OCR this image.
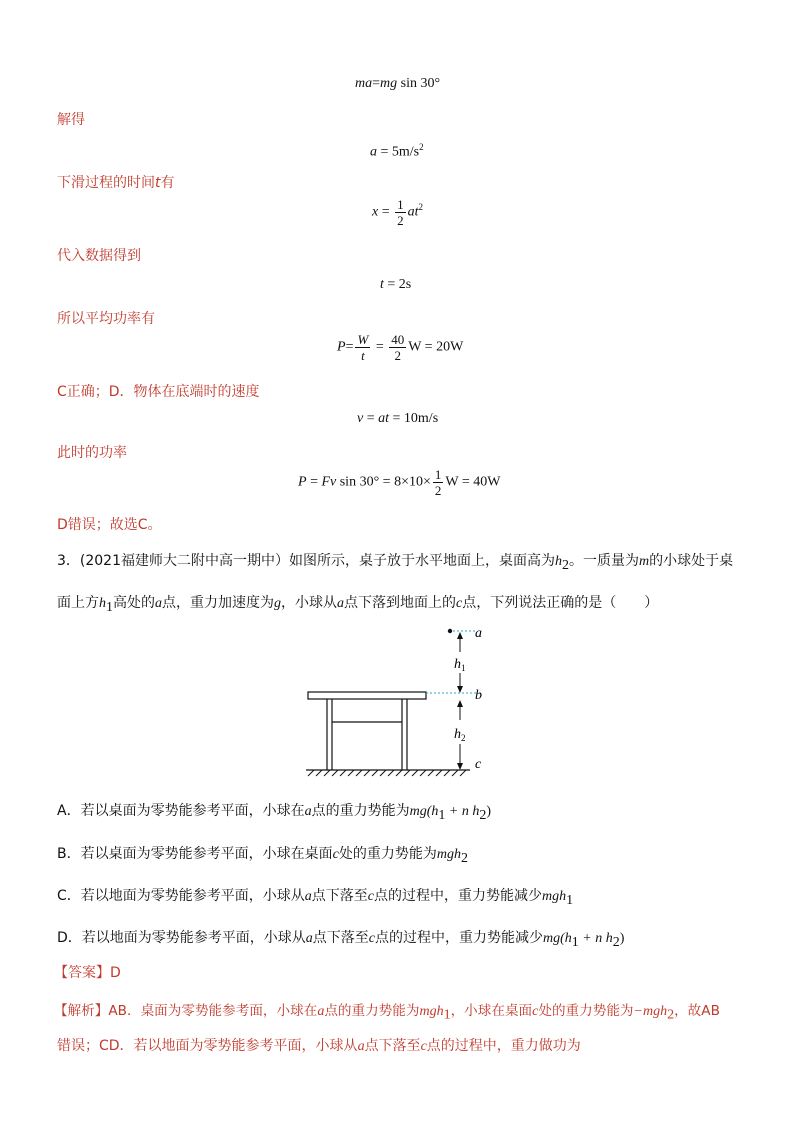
ma=mg sin 30°
解得
$a = 5m/s^2$
下滑过程的时间t有
$x = \frac{1}{2} at^2$
代入数据得到
t = 2s
所以平均功率有
$P= \frac{W}{t} = \frac{40}{2}$ W = 20W
C正确；D．物体在底端时的速度
v = at = 10m/s
此时的功率
P = Fv $\sin 30^\circ = 8\times 10\times \frac{1}{2}$ W = 40W
D错误；故选C。
3．(2021福建师大二附中高一期中）如图所示，桌子放于水平地面上，桌面高为$h_2$。一质量为m的小球处于桌
面上方$h_1$高处的a点，重力加速度为g，小球从a点下落到地面上的c点，下列说法正确的是（　　）
a
$h_1$
b
$h_2$
c
A．若以桌面为零势能参考平面，小球在a点的重力势能为$mg(h_1 + n$ $h_2$)
B．若以桌面为零势能参考平面，小球在桌面c处的重力势能为mgh$_2$
C．若以地面为零势能参考平面，小球从a点下落至c点的过程中，重力势能减少mgh$_1$
D．若以地面为零势能参考平面，小球从a点下落至c点的过程中，重力势能减少$mg(h_1 + n$ $h_2$)
【答案】D
【解析】AB．桌面为零势能参考面，小球在a点的重力势能为mgh$_1$，小球在桌面c处的重力势能为−mgh$_2$，故AB
错误；CD．若以地面为零势能参考平面，小球从a点下落至c点的过程中，重力做功为
